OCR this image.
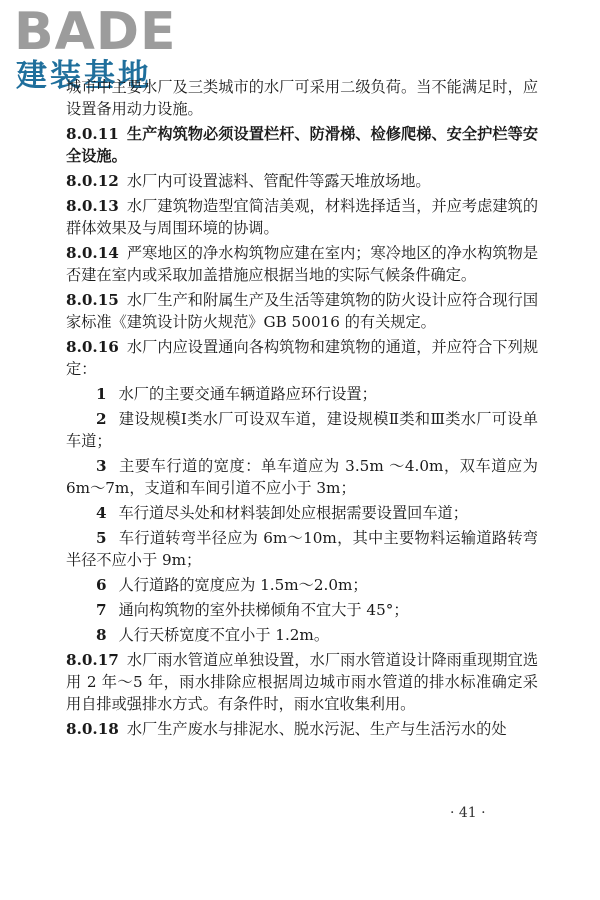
BADE
建装基地

城市中主要水厂及三类城市的水厂可采用二级负荷。当不能满足时，应设置备用动力设施。

8.0.11 生产构筑物必须设置栏杆、防滑梯、检修爬梯、安全护栏等安全设施。

8.0.12 水厂内可设置滤料、管配件等露天堆放场地。

8.0.13 水厂建筑物造型宜简洁美观，材料选择适当，并应考虑建筑的群体效果及与周围环境的协调。

8.0.14 严寒地区的净水构筑物应建在室内；寒冷地区的净水构筑物是否建在室内或采取加盖措施应根据当地的实际气候条件确定。

8.0.15 水厂生产和附属生产及生活等建筑物的防火设计应符合现行国家标准《建筑设计防火规范》GB 50016 的有关规定。

8.0.16 水厂内应设置通向各构筑物和建筑物的通道，并应符合下列规定：

1 水厂的主要交通车辆道路应环行设置；

2 建设规模Ⅰ类水厂可设双车道，建设规模Ⅱ类和Ⅲ类水厂可设单车道；

3 主要车行道的宽度：单车道应为 3.5m ～4.0m，双车道应为 6m～7m，支道和车间引道不应小于 3m；

4 车行道尽头处和材料装卸处应根据需要设置回车道；

5 车行道转弯半径应为 6m～10m，其中主要物料运输道路转弯半径不应小于 9m；

6 人行道路的宽度应为 1.5m～2.0m；

7 通向构筑物的室外扶梯倾角不宜大于 45°；

8 人行天桥宽度不宜小于 1.2m。

8.0.17 水厂雨水管道应单独设置，水厂雨水管道设计降雨重现期宜选用 2 年～5 年，雨水排除应根据周边城市雨水管道的排水标准确定采用自排或强排水方式。有条件时，雨水宜收集利用。

8.0.18 水厂生产废水与排泥水、脱水污泥、生产与生活污水的处

· 41 ·
